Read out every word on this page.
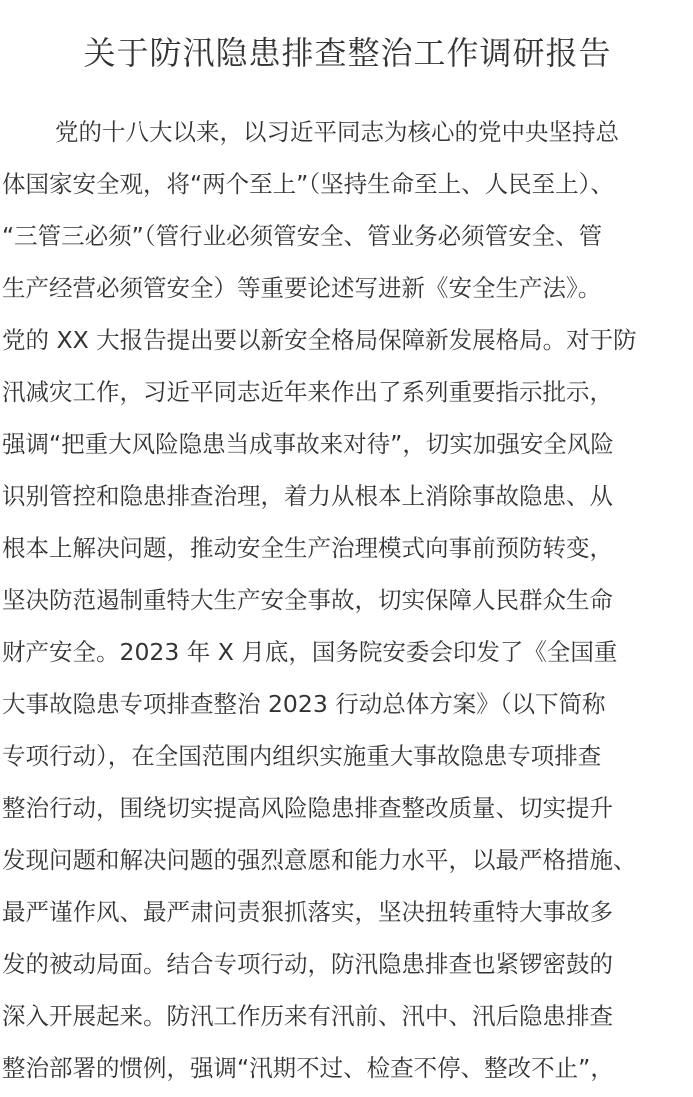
关于防汛隐患排查整治工作调研报告
党的十八大以来，以习近平同志为核心的党中央坚持总
体国家安全观，将“两个至上”（坚持生命至上、人民至上）、
“三管三必须”（管行业必须管安全、管业务必须管安全、管
生产经营必须管安全）等重要论述写进新《安全生产法》。
党的 XX 大报告提出要以新安全格局保障新发展格局。对于防
汛减灾工作，习近平同志近年来作出了系列重要指示批示，
强调“把重大风险隐患当成事故来对待”，切实加强安全风险
识别管控和隐患排查治理，着力从根本上消除事故隐患、从
根本上解决问题，推动安全生产治理模式向事前预防转变，
坚决防范遏制重特大生产安全事故，切实保障人民群众生命
财产安全。2023 年 X 月底，国务院安委会印发了《全国重
大事故隐患专项排查整治 2023 行动总体方案》（以下简称
专项行动），在全国范围内组织实施重大事故隐患专项排查
整治行动，围绕切实提高风险隐患排查整改质量、切实提升
发现问题和解决问题的强烈意愿和能力水平，以最严格措施、
最严谨作风、最严肃问责狠抓落实，坚决扭转重特大事故多
发的被动局面。结合专项行动，防汛隐患排查也紧锣密鼓的
深入开展起来。防汛工作历来有汛前、汛中、汛后隐患排查
整治部署的惯例，强调“汛期不过、检查不停、整改不止”，
